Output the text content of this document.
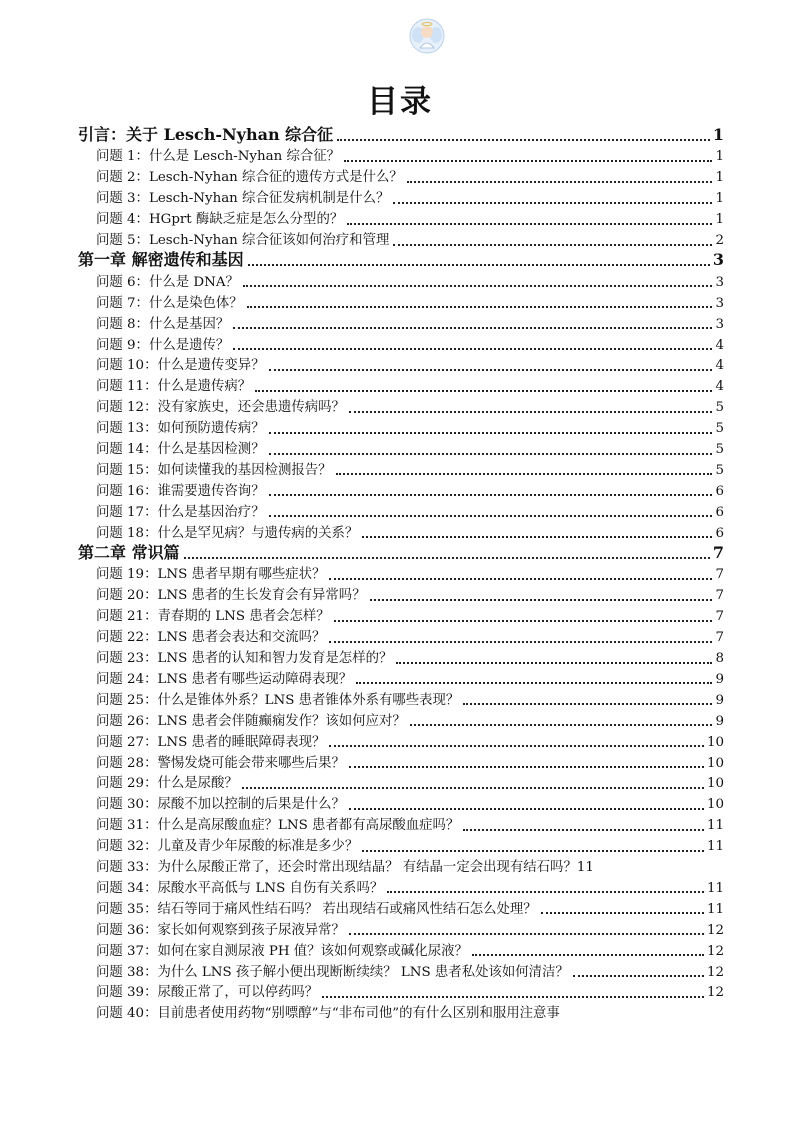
目录
引言：关于 Lesch-Nyhan 综合征	1
问题 1：什么是 Lesch-Nyhan 综合征？	1
问题 2：Lesch-Nyhan 综合征的遗传方式是什么？	1
问题 3：Lesch-Nyhan 综合征发病机制是什么？	1
问题 4：HGprt 酶缺乏症是怎么分型的？	1
问题 5：Lesch-Nyhan 综合征该如何治疗和管理	2
第一章 解密遗传和基因	3
问题 6：什么是 DNA？	3
问题 7：什么是染色体？	3
问题 8：什么是基因？	3
问题 9：什么是遗传？	4
问题 10：什么是遗传变异？	4
问题 11：什么是遗传病？	4
问题 12：没有家族史，还会患遗传病吗？	5
问题 13：如何预防遗传病？	5
问题 14：什么是基因检测？	5
问题 15：如何读懂我的基因检测报告？	5
问题 16：谁需要遗传咨询？	6
问题 17：什么是基因治疗？	6
问题 18：什么是罕见病？与遗传病的关系？	6
第二章 常识篇	7
问题 19：LNS 患者早期有哪些症状？	7
问题 20：LNS 患者的生长发育会有异常吗？	7
问题 21：青春期的 LNS 患者会怎样？	7
问题 22：LNS 患者会表达和交流吗？	7
问题 23：LNS 患者的认知和智力发育是怎样的？	8
问题 24：LNS 患者有哪些运动障碍表现？	9
问题 25：什么是锥体外系？LNS 患者锥体外系有哪些表现？	9
问题 26：LNS 患者会伴随癫痫发作？该如何应对？	9
问题 27：LNS 患者的睡眠障碍表现？	10
问题 28：警惕发烧可能会带来哪些后果？	10
问题 29：什么是尿酸？	10
问题 30：尿酸不加以控制的后果是什么？	10
问题 31：什么是高尿酸血症？LNS 患者都有高尿酸血症吗？	11
问题 32：儿童及青少年尿酸的标准是多少？	11
问题 33：为什么尿酸正常了，还会时常出现结晶？ 有结晶一定会出现有结石吗？ 11
问题 34：尿酸水平高低与 LNS 自伤有关系吗？	11
问题 35：结石等同于痛风性结石吗？ 若出现结石或痛风性结石怎么处理？	11
问题 36：家长如何观察到孩子尿液异常？	12
问题 37：如何在家自测尿液 PH 值？该如何观察或碱化尿液？	12
问题 38：为什么 LNS 孩子解小便出现断断续续？ LNS 患者私处该如何清洁？	12
问题 39：尿酸正常了，可以停药吗？	12
问题 40：目前患者使用药物“别嘌醇”与“非布司他”的有什么区别和服用注意事
